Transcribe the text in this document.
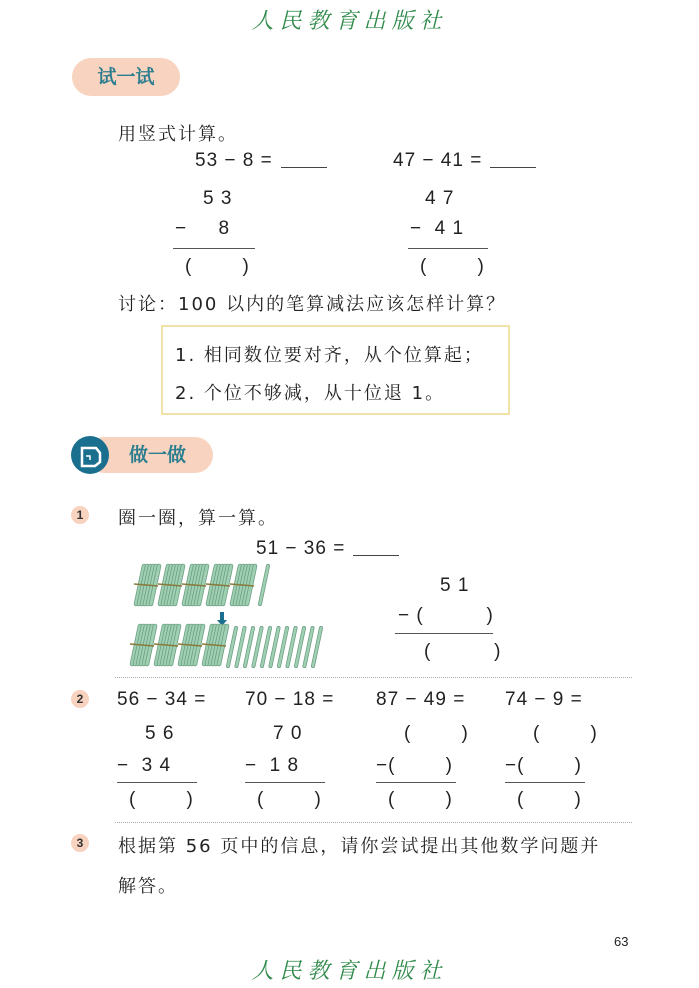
人民教育出版社
试一试
用竖式计算。
53 − 8 =	47 − 41 =
5 3
−     8
(        )
4 7
−  4 1
(        )
讨论：100 以内的笔算减法应该怎样计算？
1. 相同数位要对齐，从个位算起；
2. 个位不够减，从十位退 1。
做一做
1	圈一圈，算一算。
51 − 36 =
5 1
− (          )
(          )
2 56 − 34 =
5 6
−  3 4
(        )
70 − 18 =
7 0
−  1 8
(        )
87 − 49 =
(        )
−(        )
(        )
74 − 9 =
(        )
−(        )
(        )
3	根据第 56 页中的信息，请你尝试提出其他数学问题并
解答。
63
人民教育出版社
